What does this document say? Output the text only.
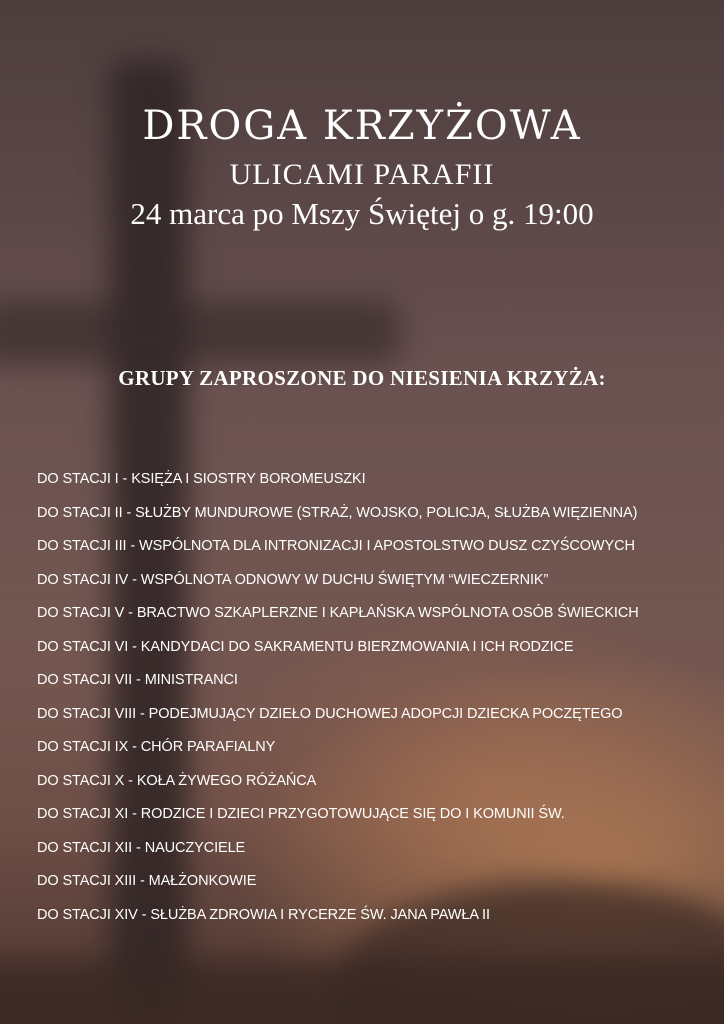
DROGA KRZYŻOWA
ULICAMI PARAFII
24 marca po Mszy Świętej o g. 19:00
GRUPY ZAPROSZONE DO NIESIENIA KRZYŻA:
DO STACJI I - KSIĘŻA I SIOSTRY BOROMEUSZKI
DO STACJI II - SŁUŻBY MUNDUROWE (STRAŻ, WOJSKO, POLICJA, SŁUŻBA WIĘZIENNA)
DO STACJI III - WSPÓLNOTA DLA INTRONIZACJI I APOSTOLSTWO DUSZ CZYŚCOWYCH
DO STACJI IV - WSPÓLNOTA ODNOWY W DUCHU ŚWIĘTYM “WIECZERNIK”
DO STACJI V - BRACTWO SZKAPLERZNE I KAPŁAŃSKA WSPÓLNOTA OSÓB ŚWIECKICH
DO STACJI VI - KANDYDACI DO SAKRAMENTU BIERZMOWANIA I ICH RODZICE
DO STACJI VII - MINISTRANCI
DO STACJI VIII - PODEJMUJĄCY DZIEŁO DUCHOWEJ ADOPCJI DZIECKA POCZĘTEGO
DO STACJI IX - CHÓR PARAFIALNY
DO STACJI X - KOŁA ŻYWEGO RÓŻAŃCA
DO STACJI XI - RODZICE I DZIECI PRZYGOTOWUJĄCE SIĘ DO I KOMUNII ŚW.
DO STACJI XII - NAUCZYCIELE
DO STACJI XIII - MAŁŻONKOWIE
DO STACJI XIV - SŁUŻBA ZDROWIA I RYCERZE ŚW. JANA PAWŁA II
